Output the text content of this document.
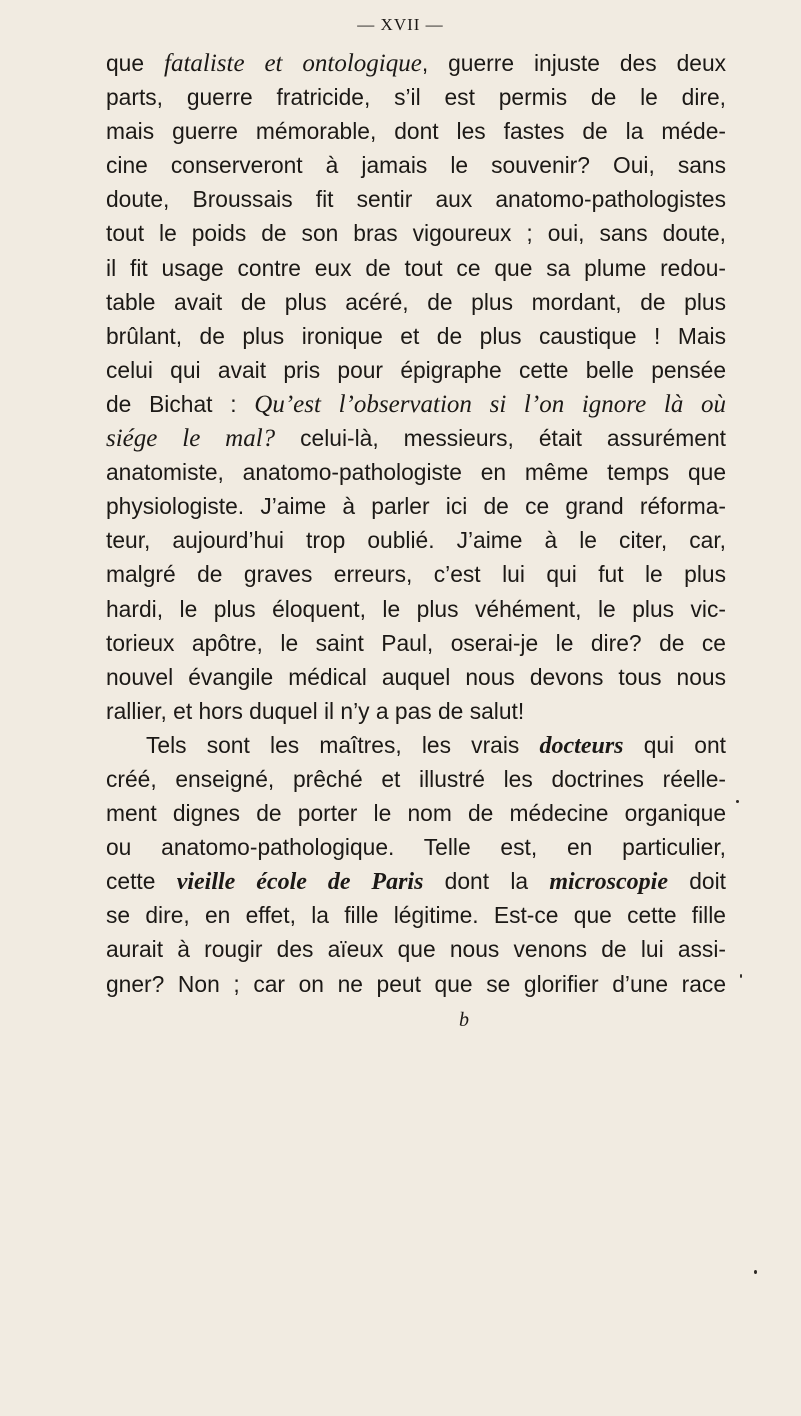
— XVII —
que fataliste et ontologique, guerre injuste des deux
parts, guerre fratricide, s’il est permis de le dire,
mais guerre mémorable, dont les fastes de la méde-
cine conserveront à jamais le souvenir? Oui, sans
doute, Broussais fit sentir aux anatomo-pathologistes
tout le poids de son bras vigoureux ; oui, sans doute,
il fit usage contre eux de tout ce que sa plume redou-
table avait de plus acéré, de plus mordant, de plus
brûlant, de plus ironique et de plus caustique ! Mais
celui qui avait pris pour épigraphe cette belle pensée
de Bichat : Qu’est l’observation si l’on ignore là où
siége le mal? celui-là, messieurs, était assurément
anatomiste, anatomo-pathologiste en même temps que
physiologiste. J’aime à parler ici de ce grand réforma-
teur, aujourd’hui trop oublié. J’aime à le citer, car,
malgré de graves erreurs, c’est lui qui fut le plus
hardi, le plus éloquent, le plus véhément, le plus vic-
torieux apôtre, le saint Paul, oserai-je le dire? de ce
nouvel évangile médical auquel nous devons tous nous
rallier, et hors duquel il n’y a pas de salut!
Tels sont les maîtres, les vrais docteurs qui ont
créé, enseigné, prêché et illustré les doctrines réelle-
ment dignes de porter le nom de médecine organique
ou anatomo-pathologique. Telle est, en particulier,
cette vieille école de Paris dont la microscopie doit
se dire, en effet, la fille légitime. Est-ce que cette fille
aurait à rougir des aïeux que nous venons de lui assi-
gner? Non ; car on ne peut que se glorifier d’une race
b
